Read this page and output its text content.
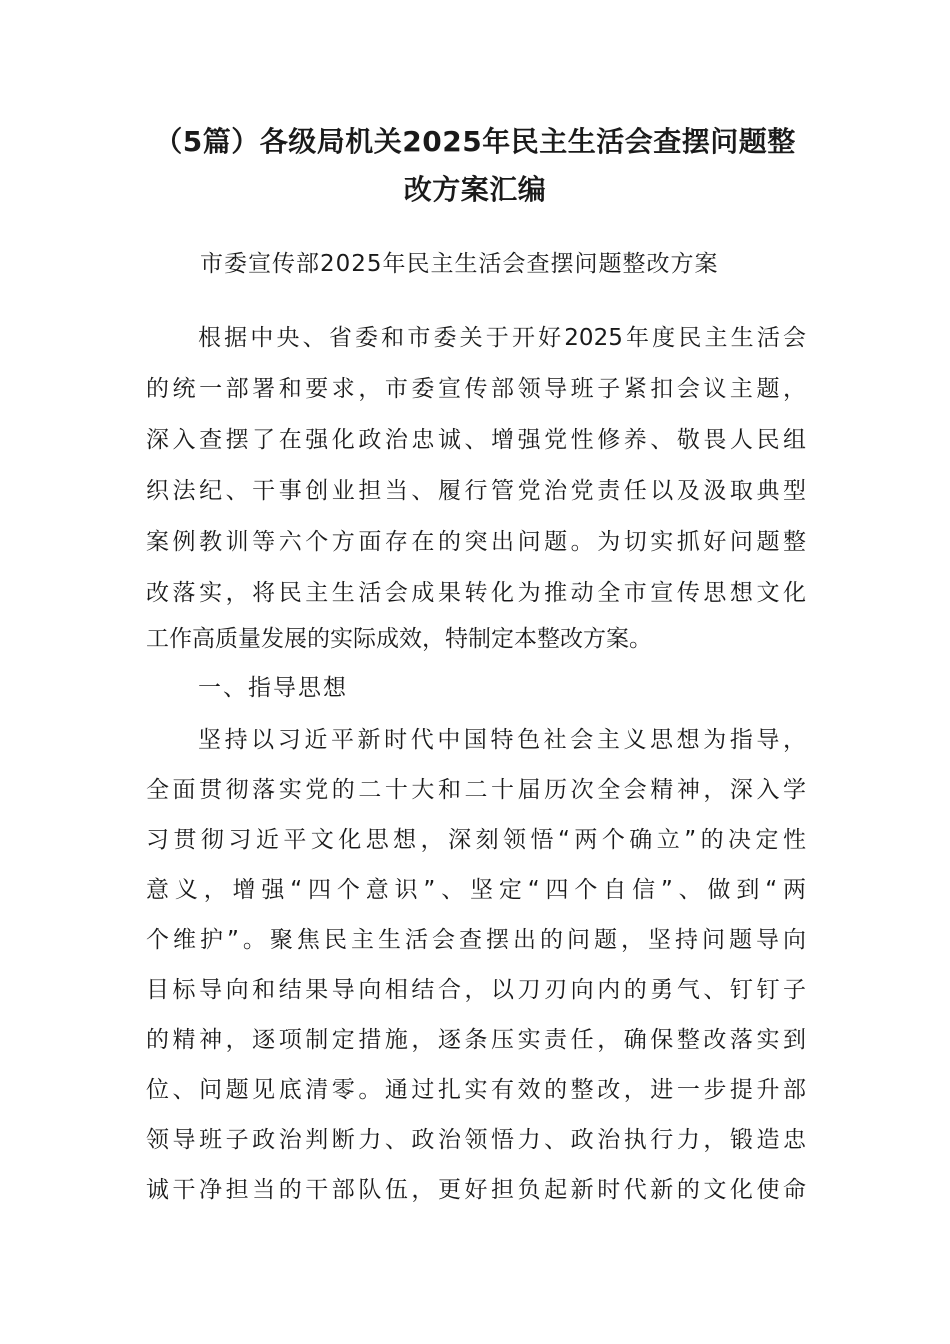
（5篇）各级局机关2025年民主生活会查摆问题整
改方案汇编
市委宣传部2025年民主生活会查摆问题整改方案
根据中央、省委和市委关于开好2025年度民主生活会
的统一部署和要求，市委宣传部领导班子紧扣会议主题，
深入查摆了在强化政治忠诚、增强党性修养、敬畏人民组
织法纪、干事创业担当、履行管党治党责任以及汲取典型
案例教训等六个方面存在的突出问题。为切实抓好问题整
改落实，将民主生活会成果转化为推动全市宣传思想文化
工作高质量发展的实际成效，特制定本整改方案。
一、指导思想
坚持以习近平新时代中国特色社会主义思想为指导，
全面贯彻落实党的二十大和二十届历次全会精神，深入学
习贯彻习近平文化思想，深刻领悟“两个确立”的决定性
意义，增强“四个意识”、坚定“四个自信”、做到“两
个维护”。聚焦民主生活会查摆出的问题，坚持问题导向
目标导向和结果导向相结合，以刀刃向内的勇气、钉钉子
的精神，逐项制定措施，逐条压实责任，确保整改落实到
位、问题见底清零。通过扎实有效的整改，进一步提升部
领导班子政治判断力、政治领悟力、政治执行力，锻造忠
诚干净担当的干部队伍，更好担负起新时代新的文化使命
